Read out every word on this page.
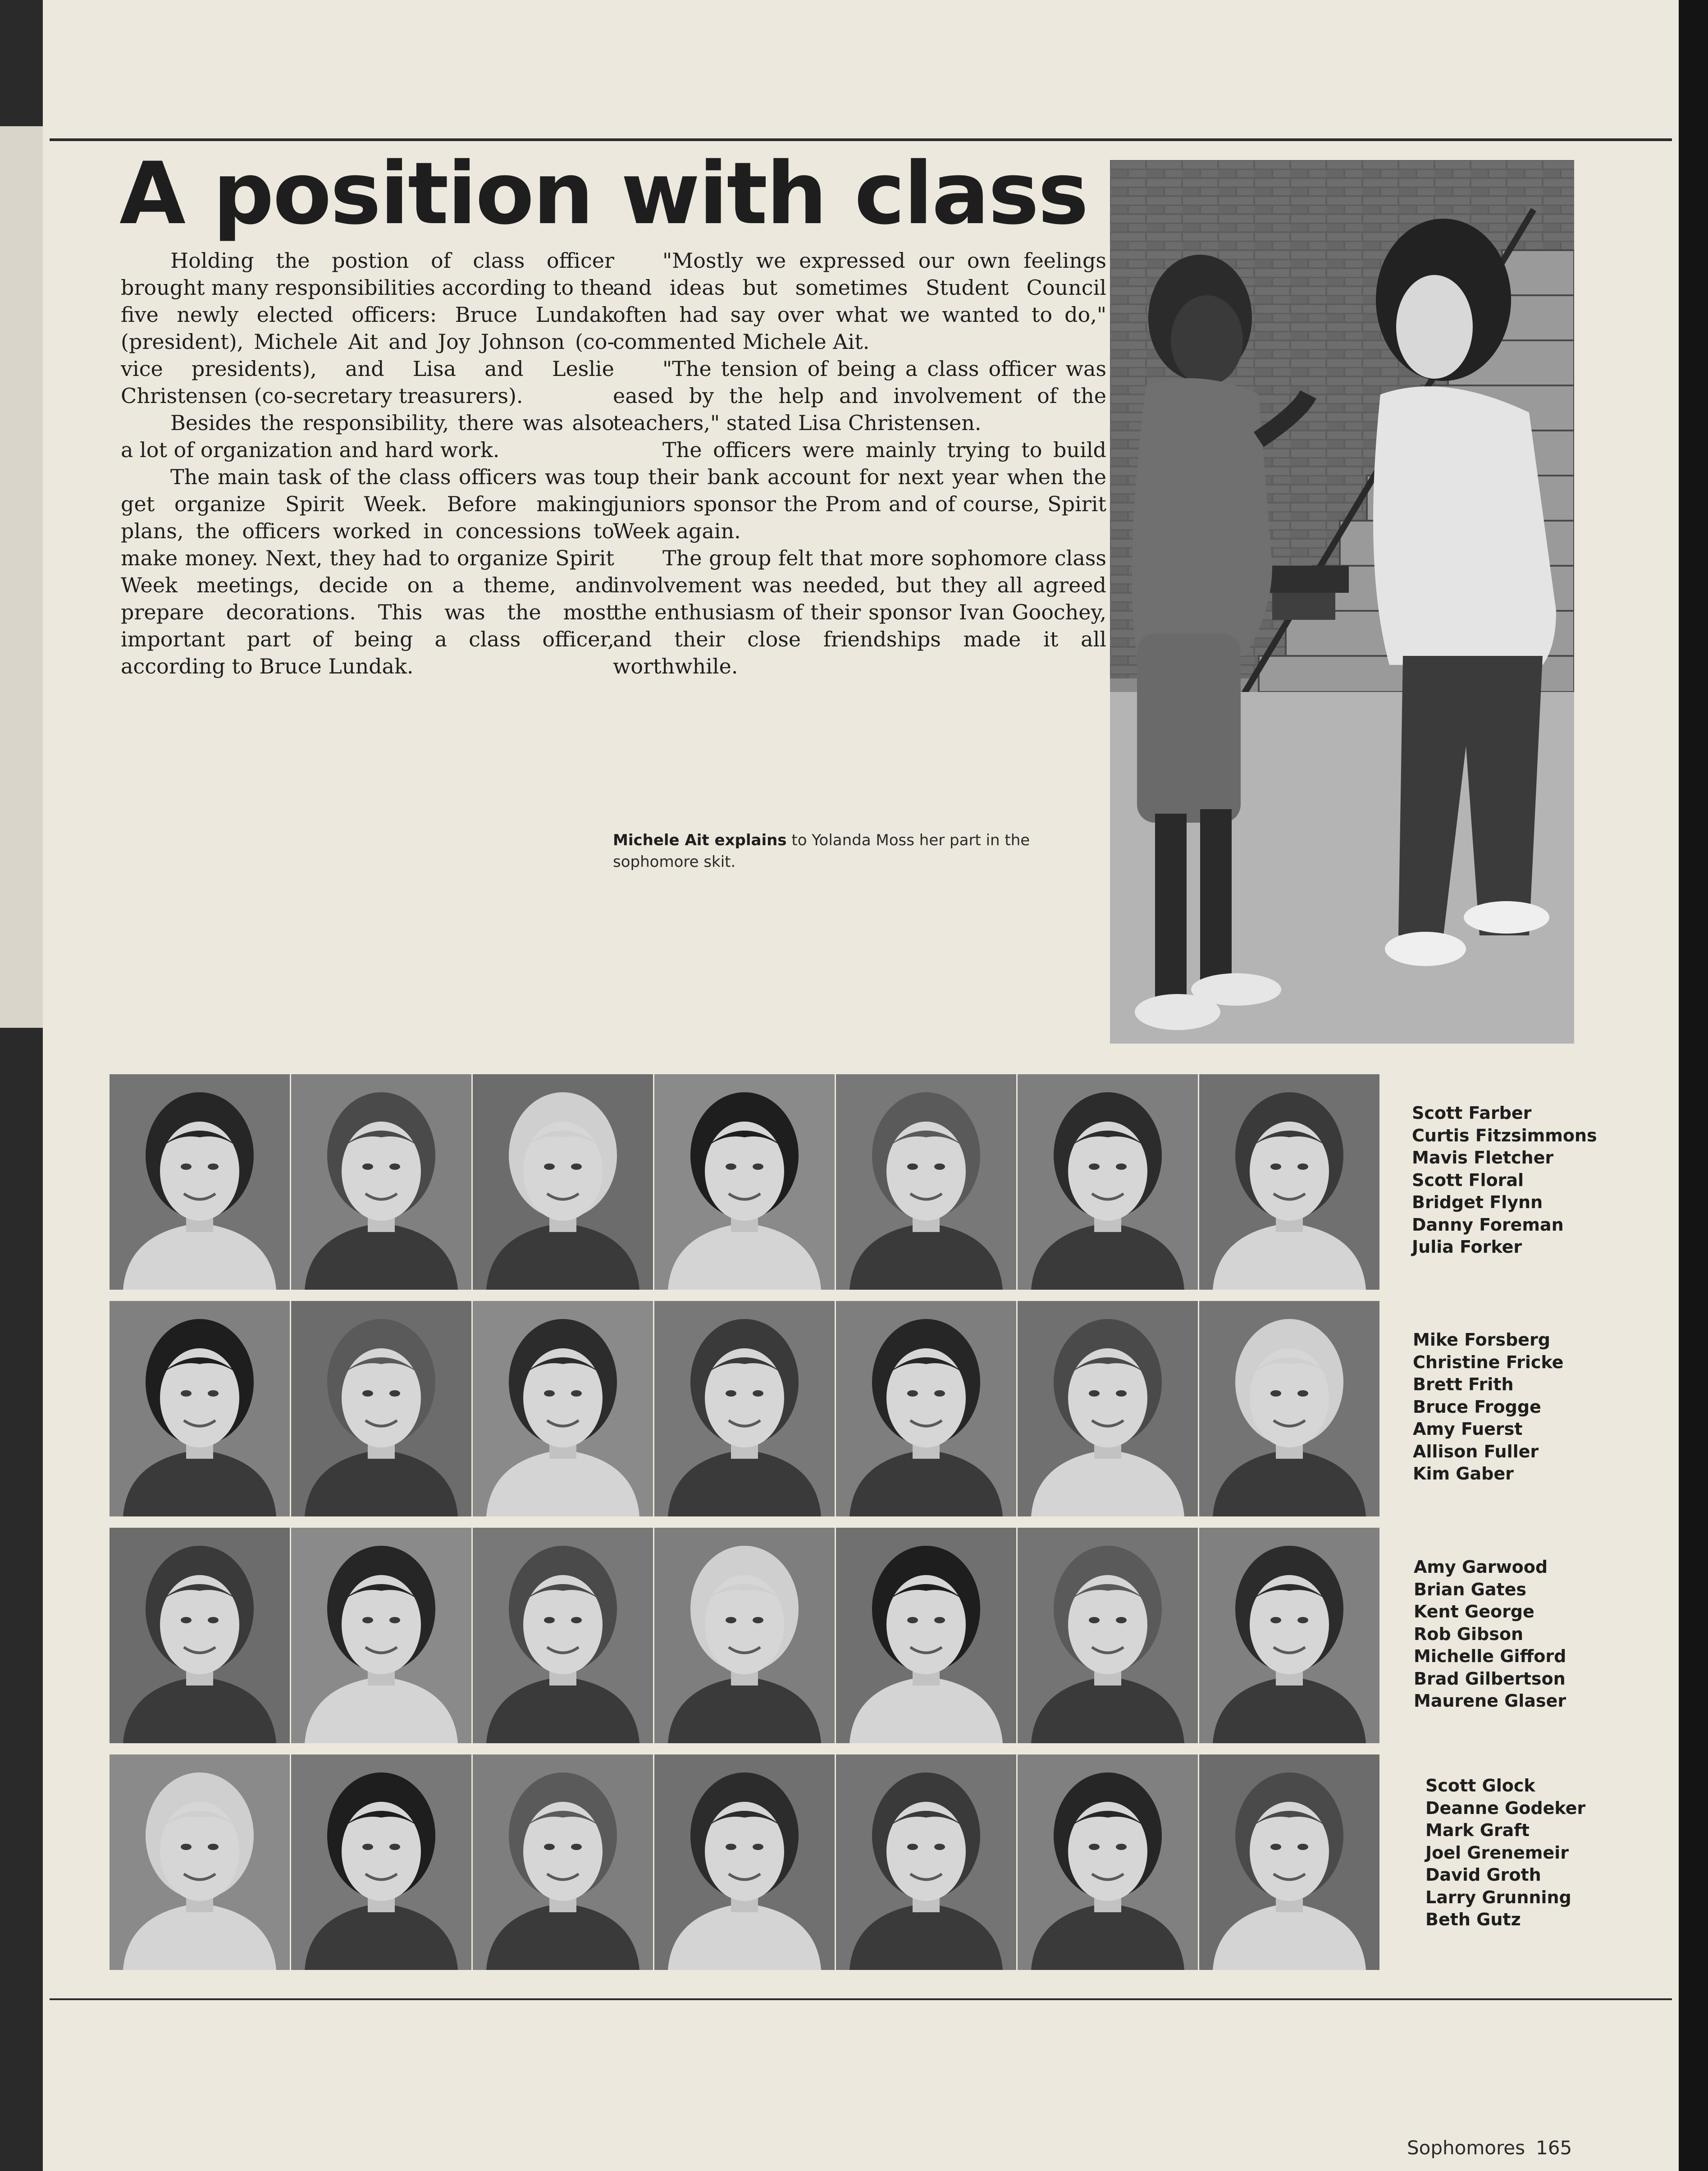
A position with class

Holding the postion of class officer brought many responsibilities according to the five newly elected officers: Bruce Lundak (president), Michele Ait and Joy Johnson (co-vice presidents), and Lisa and Leslie Christensen (co-secretary treasurers).

Besides the responsibility, there was also a lot of organization and hard work.

The main task of the class officers was to get organize Spirit Week. Before making plans, the officers worked in concessions to make money. Next, they had to organize Spirit Week meetings, decide on a theme, and prepare decorations. This was the most important part of being a class officer, according to Bruce Lundak.

"Mostly we expressed our own feelings and ideas but sometimes Student Council often had say over what we wanted to do," commented Michele Ait.

"The tension of being a class officer was eased by the help and involvement of the teachers," stated Lisa Christensen.

The officers were mainly trying to build up their bank account for next year when the juniors sponsor the Prom and of course, Spirit Week again.

The group felt that more sophomore class involvement was needed, but they all agreed the enthusiasm of their sponsor Ivan Goochey, and their close friendships made it all worthwhile.

Michele Ait explains to Yolanda Moss her part in the sophomore skit.
Scott Farber
Curtis Fitzsimmons
Mavis Fletcher
Scott Floral
Bridget Flynn
Danny Foreman
Julia Forker
Mike Forsberg
Christine Fricke
Brett Frith
Bruce Frogge
Amy Fuerst
Allison Fuller
Kim Gaber
Amy Garwood
Brian Gates
Kent George
Rob Gibson
Michelle Gifford
Brad Gilbertson
Maurene Glaser
Scott Glock
Deanne Godeker
Mark Graft
Joel Grenemeir
David Groth
Larry Grunning
Beth Gutz
Sophomores 165
